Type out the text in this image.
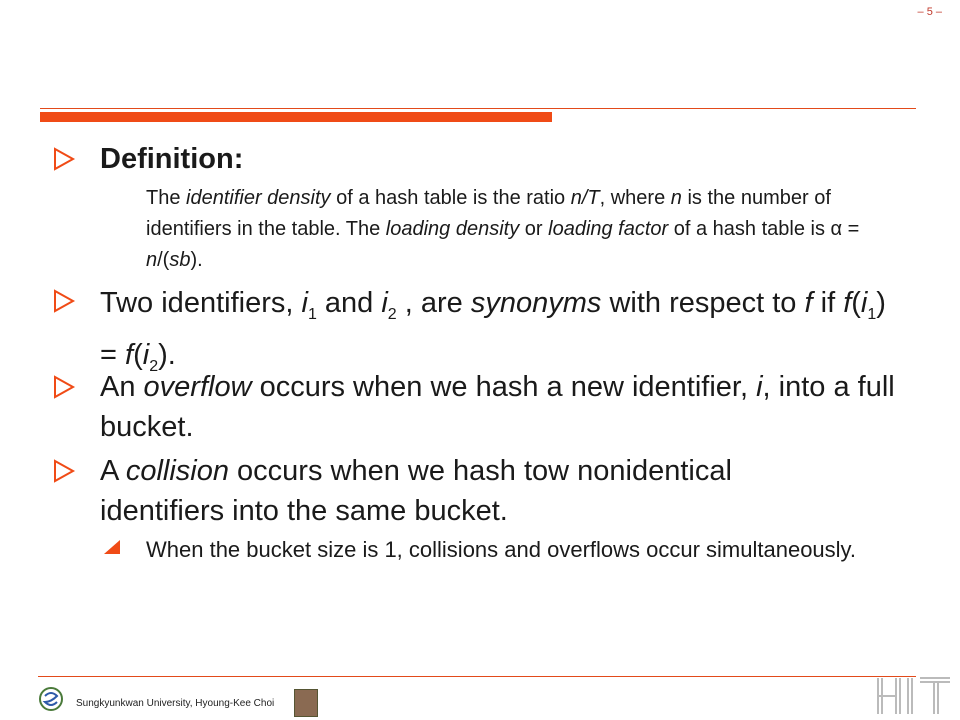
– 5 –
Definition:
The identifier density of a hash table is the ratio n/T, where n is the number of identifiers in the table. The loading density or loading factor of a hash table is α = n/(sb).
Two identifiers, $i_1$ and $i_2$ , are synonyms with respect to f if $f(i_1) = f(i_2)$.
An overflow occurs when we hash a new identifier, i, into a full bucket.
A collision occurs when we hash tow nonidentical identifiers into the same bucket.
When the bucket size is 1, collisions and overflows occur simultaneously.
Sungkyunkwan University, Hyoung-Kee Choi
